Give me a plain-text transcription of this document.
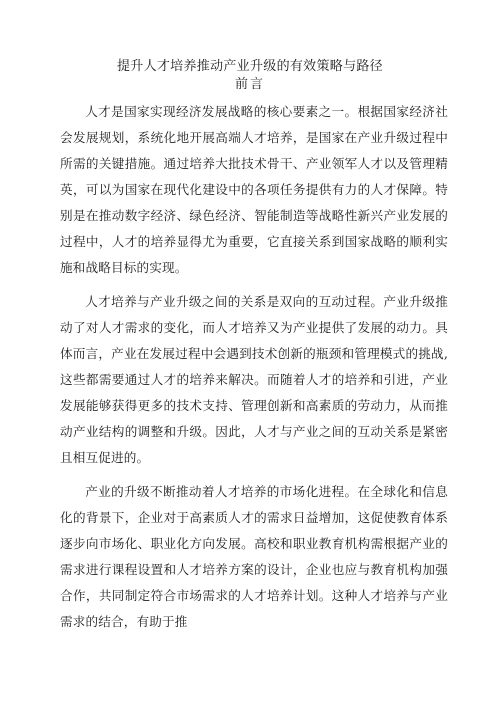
提升人才培养推动产业升级的有效策略与路径
前言

人才是国家实现经济发展战略的核心要素之一。根据国家经济社会发展规划，系统化地开展高端人才培养，是国家在产业升级过程中所需的关键措施。通过培养大批技术骨干、产业领军人才以及管理精英，可以为国家在现代化建设中的各项任务提供有力的人才保障。特别是在推动数字经济、绿色经济、智能制造等战略性新兴产业发展的过程中，人才的培养显得尤为重要，它直接关系到国家战略的顺利实施和战略目标的实现。

人才培养与产业升级之间的关系是双向的互动过程。产业升级推动了对人才需求的变化，而人才培养又为产业提供了发展的动力。具体而言，产业在发展过程中会遇到技术创新的瓶颈和管理模式的挑战,这些都需要通过人才的培养来解决。而随着人才的培养和引进，产业发展能够获得更多的技术支持、管理创新和高素质的劳动力，从而推动产业结构的调整和升级。因此，人才与产业之间的互动关系是紧密且相互促进的。

产业的升级不断推动着人才培养的市场化进程。在全球化和信息化的背景下，企业对于高素质人才的需求日益增加，这促使教育体系逐步向市场化、职业化方向发展。高校和职业教育机构需根据产业的需求进行课程设置和人才培养方案的设计，企业也应与教育机构加强合作，共同制定符合市场需求的人才培养计划。这种人才培养与产业需求的结合，有助于推
